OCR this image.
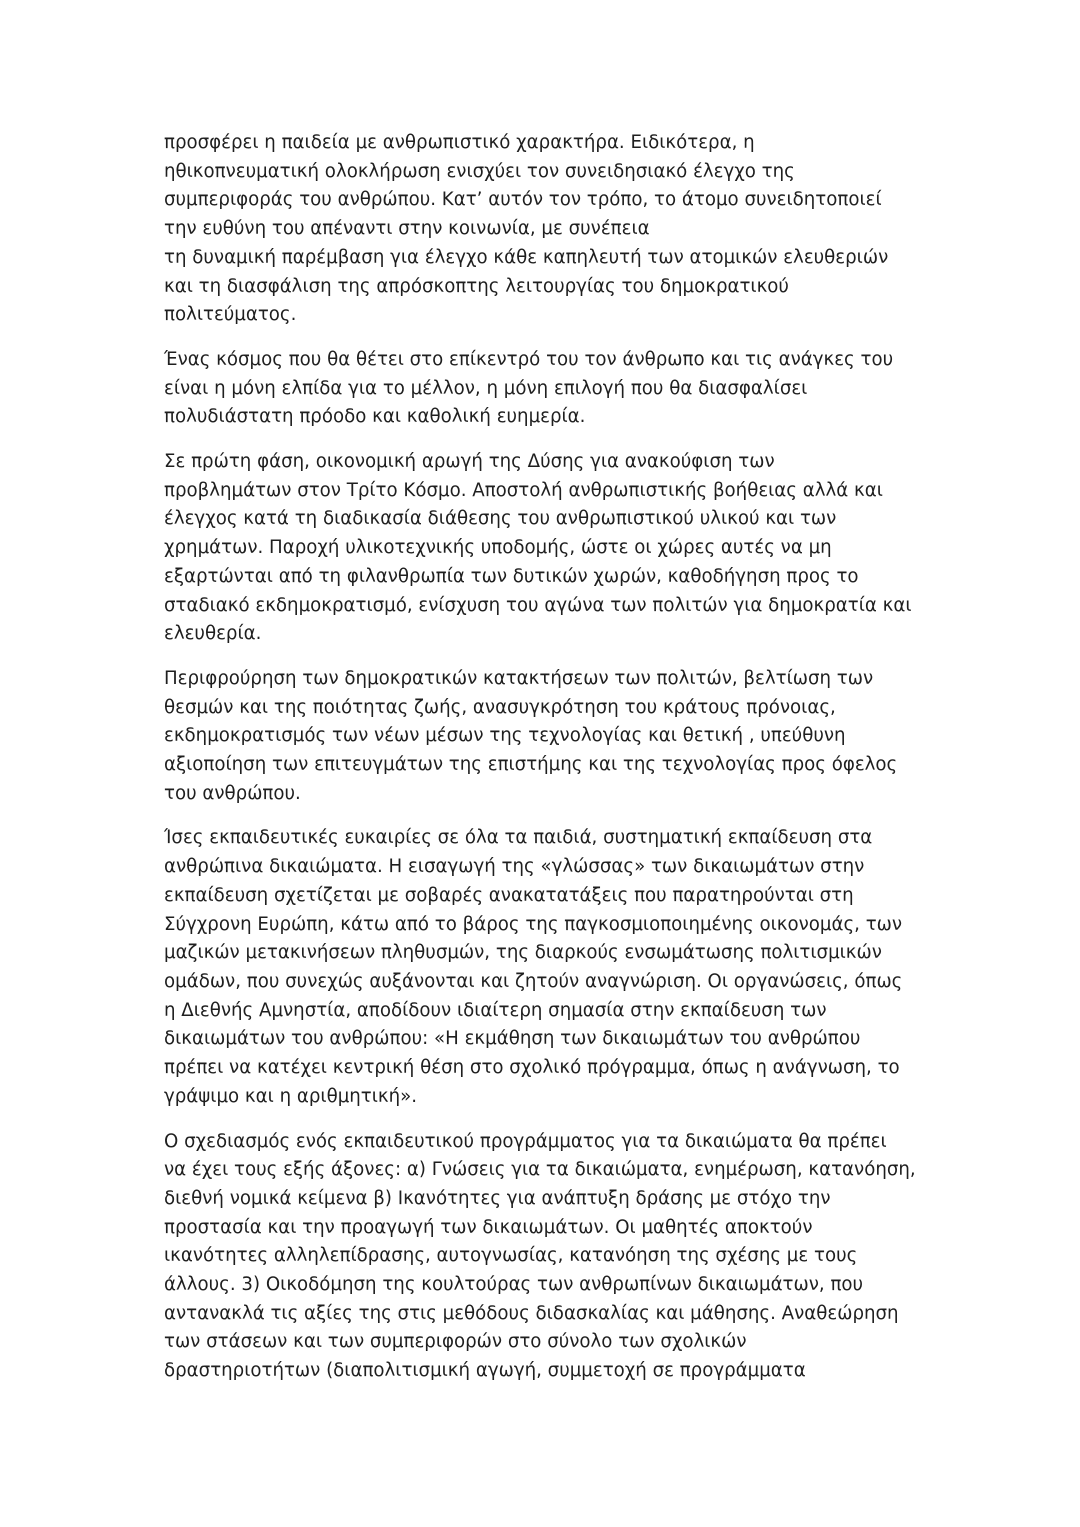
προσφέρει η παιδεία με ανθρωπιστικό χαρακτήρα. Ειδικότερα, η
ηθικοπνευματική ολοκλήρωση ενισχύει τον συνειδησιακό έλεγχο της
συμπεριφοράς του ανθρώπου. Κατ’ αυτόν τον τρόπο, το άτομο συνειδητοποιεί
την ευθύνη του απέναντι στην κοινωνία, με συνέπεια
τη δυναμική παρέμβαση για έλεγχο κάθε καπηλευτή των ατομικών ελευθεριών
και τη διασφάλιση της απρόσκοπτης λειτουργίας του δημοκρατικού
πολιτεύματος.
Ένας κόσμος που θα θέτει στο επίκεντρό του τον άνθρωπο και τις ανάγκες του
είναι η μόνη ελπίδα για το μέλλον, η μόνη επιλογή που θα διασφαλίσει
πολυδιάστατη πρόοδο και καθολική ευημερία.
Σε πρώτη φάση, οικονομική αρωγή της Δύσης για ανακούφιση των
προβλημάτων στον Τρίτο Κόσμο. Αποστολή ανθρωπιστικής βοήθειας αλλά και
έλεγχος κατά τη διαδικασία διάθεσης του ανθρωπιστικού υλικού και των
χρημάτων. Παροχή υλικοτεχνικής υποδομής, ώστε οι χώρες αυτές να μη
εξαρτώνται από τη φιλανθρωπία των δυτικών χωρών, καθοδήγηση προς το
σταδιακό εκδημοκρατισμό, ενίσχυση του αγώνα των πολιτών για δημοκρατία και
ελευθερία.
Περιφρούρηση των δημοκρατικών κατακτήσεων των πολιτών, βελτίωση των
θεσμών και της ποιότητας ζωής, ανασυγκρότηση του κράτους πρόνοιας,
εκδημοκρατισμός των νέων μέσων της τεχνολογίας και θετική , υπεύθυνη
αξιοποίηση των επιτευγμάτων της επιστήμης και της τεχνολογίας προς όφελος
του ανθρώπου.
Ίσες εκπαιδευτικές ευκαιρίες σε όλα τα παιδιά, συστηματική εκπαίδευση στα
ανθρώπινα δικαιώματα. Η εισαγωγή της «γλώσσας» των δικαιωμάτων στην
εκπαίδευση σχετίζεται με σοβαρές ανακατατάξεις που παρατηρούνται στη
Σύγχρονη Ευρώπη, κάτω από το βάρος της παγκοσμιοποιημένης οικονομάς, των
μαζικών μετακινήσεων πληθυσμών, της διαρκούς ενσωμάτωσης πολιτισμικών
ομάδων, που συνεχώς αυξάνονται και ζητούν αναγνώριση. Οι οργανώσεις, όπως
η Διεθνής Αμνηστία, αποδίδουν ιδιαίτερη σημασία στην εκπαίδευση των
δικαιωμάτων του ανθρώπου: «Η εκμάθηση των δικαιωμάτων του ανθρώπου
πρέπει να κατέχει κεντρική θέση στο σχολικό πρόγραμμα, όπως η ανάγνωση, το
γράψιμο και η αριθμητική».
Ο σχεδιασμός ενός εκπαιδευτικού προγράμματος για τα δικαιώματα θα πρέπει
να έχει τους εξής άξονες: α) Γνώσεις για τα δικαιώματα, ενημέρωση, κατανόηση,
διεθνή νομικά κείμενα β) Ικανότητες για ανάπτυξη δράσης με στόχο την
προστασία και την προαγωγή των δικαιωμάτων. Οι μαθητές αποκτούν
ικανότητες αλληλεπίδρασης, αυτογνωσίας, κατανόηση της σχέσης με τους
άλλους. 3) Οικοδόμηση της κουλτούρας των ανθρωπίνων δικαιωμάτων, που
αντανακλά τις αξίες της στις μεθόδους διδασκαλίας και μάθησης. Αναθεώρηση
των στάσεων και των συμπεριφορών στο σύνολο των σχολικών
δραστηριοτήτων (διαπολιτισμική αγωγή, συμμετοχή σε προγράμματα
